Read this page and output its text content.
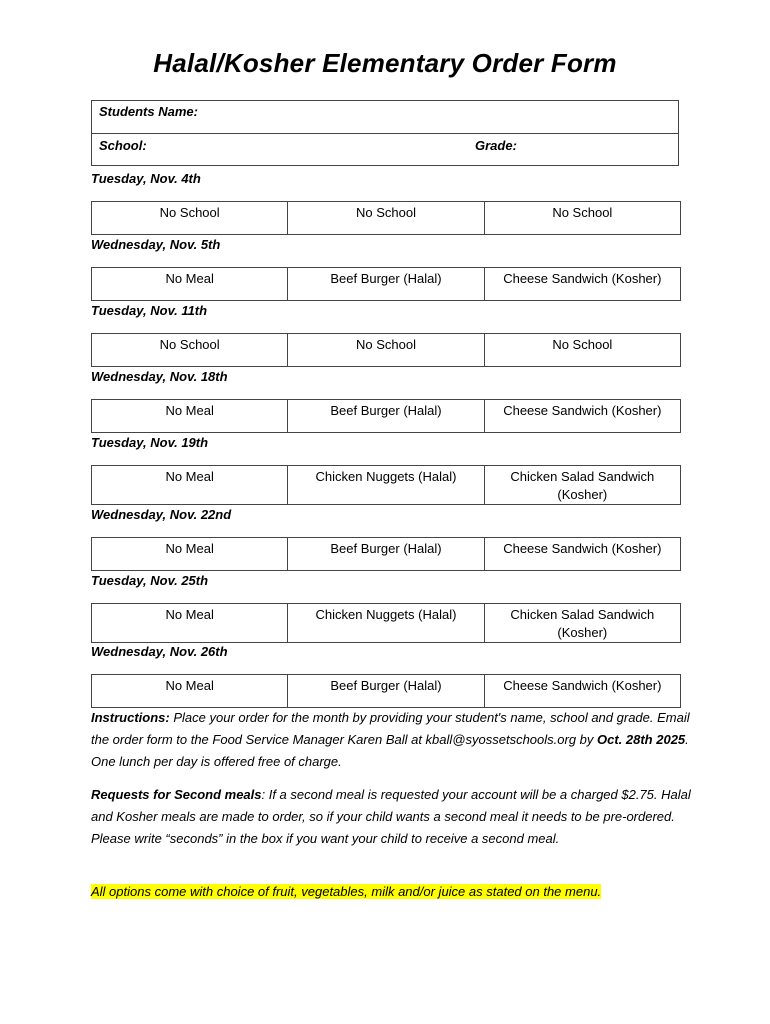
Halal/Kosher Elementary Order Form
Students Name:
School:	Grade:
Tuesday, Nov. 4th
No School	No School	No School
Wednesday, Nov. 5th
No Meal	Beef Burger (Halal)	Cheese Sandwich (Kosher)
Tuesday, Nov. 11th
No School	No School	No School
Wednesday, Nov. 18th
No Meal	Beef Burger (Halal)	Cheese Sandwich (Kosher)
Tuesday, Nov. 19th
No Meal	Chicken Nuggets (Halal)	Chicken Salad Sandwich (Kosher)
Wednesday, Nov. 22nd
No Meal	Beef Burger (Halal)	Cheese Sandwich (Kosher)
Tuesday, Nov. 25th
No Meal	Chicken Nuggets (Halal)	Chicken Salad Sandwich (Kosher)
Wednesday, Nov. 26th
No Meal	Beef Burger (Halal)	Cheese Sandwich (Kosher)
Instructions: Place your order for the month by providing your student's name, school and grade. Email the order form to the Food Service Manager Karen Ball at kball@syossetschools.org by Oct. 28th 2025. One lunch per day is offered free of charge.
Requests for Second meals: If a second meal is requested your account will be a charged $2.75. Halal and Kosher meals are made to order, so if your child wants a second meal it needs to be pre-ordered. Please write “seconds” in the box if you want your child to receive a second meal.
All options come with choice of fruit, vegetables, milk and/or juice as stated on the menu.
